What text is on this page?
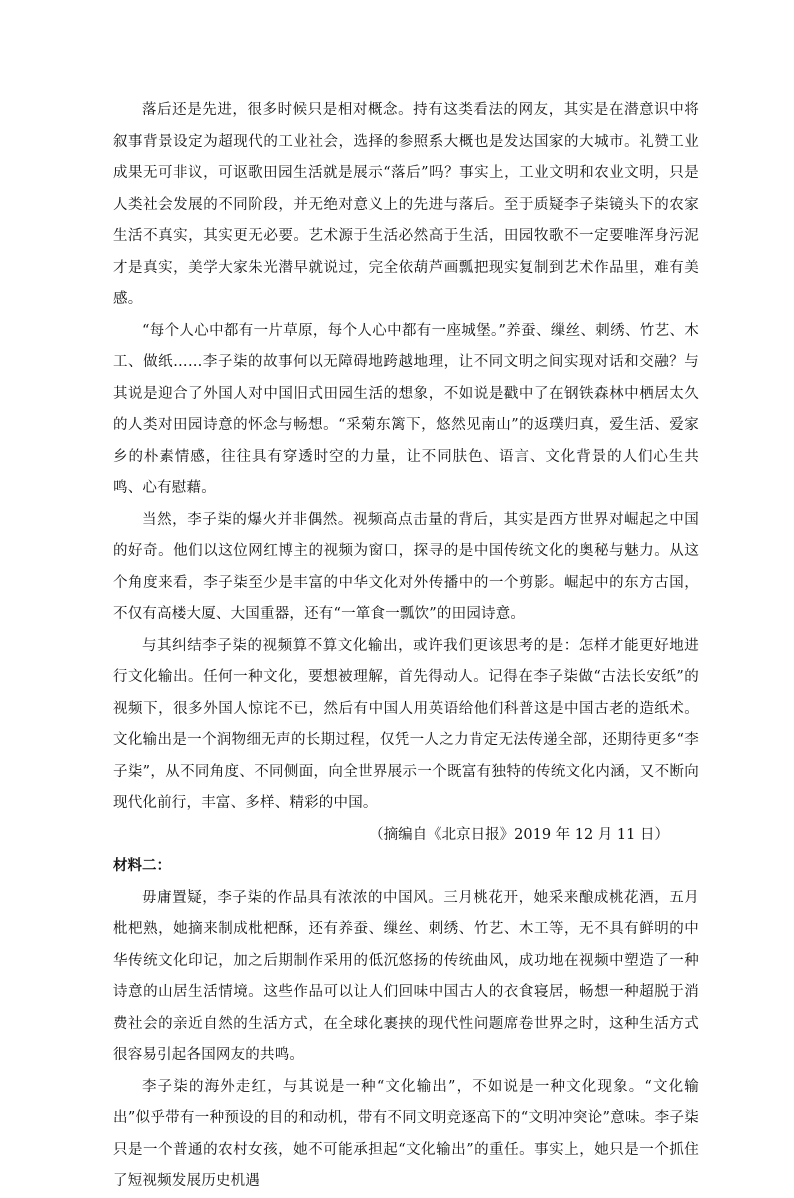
落后还是先进，很多时候只是相对概念。持有这类看法的网友，其实是在潜意识中将叙事背景设定为超现代的工业社会，选择的参照系大概也是发达国家的大城市。礼赞工业成果无可非议，可讴歌田园生活就是展示“落后”吗？事实上，工业文明和农业文明，只是人类社会发展的不同阶段，并无绝对意义上的先进与落后。至于质疑李子柒镜头下的农家生活不真实，其实更无必要。艺术源于生活必然高于生活，田园牧歌不一定要唯浑身污泥才是真实，美学大家朱光潜早就说过，完全依葫芦画瓢把现实复制到艺术作品里，难有美感。

“每个人心中都有一片草原，每个人心中都有一座城堡。”养蚕、缫丝、刺绣、竹艺、木工、做纸……李子柒的故事何以无障碍地跨越地理，让不同文明之间实现对话和交融？与其说是迎合了外国人对中国旧式田园生活的想象，不如说是戳中了在钢铁森林中栖居太久的人类对田园诗意的怀念与畅想。“采菊东篱下，悠然见南山”的返璞归真，爱生活、爱家乡的朴素情感，往往具有穿透时空的力量，让不同肤色、语言、文化背景的人们心生共鸣、心有慰藉。

当然，李子柒的爆火并非偶然。视频高点击量的背后，其实是西方世界对崛起之中国的好奇。他们以这位网红博主的视频为窗口，探寻的是中国传统文化的奥秘与魅力。从这个角度来看，李子柒至少是丰富的中华文化对外传播中的一个剪影。崛起中的东方古国，不仅有高楼大厦、大国重器，还有“一箪食一瓢饮”的田园诗意。

与其纠结李子柒的视频算不算文化输出，或许我们更该思考的是：怎样才能更好地进行文化输出。任何一种文化，要想被理解，首先得动人。记得在李子柒做“古法长安纸”的视频下，很多外国人惊诧不已，然后有中国人用英语给他们科普这是中国古老的造纸术。文化输出是一个润物细无声的长期过程，仅凭一人之力肯定无法传递全部，还期待更多“李子柒”，从不同角度、不同侧面，向全世界展示一个既富有独特的传统文化内涵，又不断向现代化前行，丰富、多样、精彩的中国。

（摘编自《北京日报》2019 年 12 月 11 日）

材料二：

毋庸置疑，李子柒的作品具有浓浓的中国风。三月桃花开，她采来酿成桃花酒，五月枇杷熟，她摘来制成枇杷酥，还有养蚕、缫丝、刺绣、竹艺、木工等，无不具有鲜明的中华传统文化印记，加之后期制作采用的低沉悠扬的传统曲风，成功地在视频中塑造了一种诗意的山居生活情境。这些作品可以让人们回味中国古人的衣食寝居，畅想一种超脱于消费社会的亲近自然的生活方式，在全球化裹挟的现代性问题席卷世界之时，这种生活方式很容易引起各国网友的共鸣。

李子柒的海外走红，与其说是一种“文化输出”，不如说是一种文化现象。“文化输出”似乎带有一种预设的目的和动机，带有不同文明竞逐高下的“文明冲突论”意味。李子柒只是一个普通的农村女孩，她不可能承担起“文化输出”的重任。事实上，她只是一个抓住了短视频发展历史机遇
